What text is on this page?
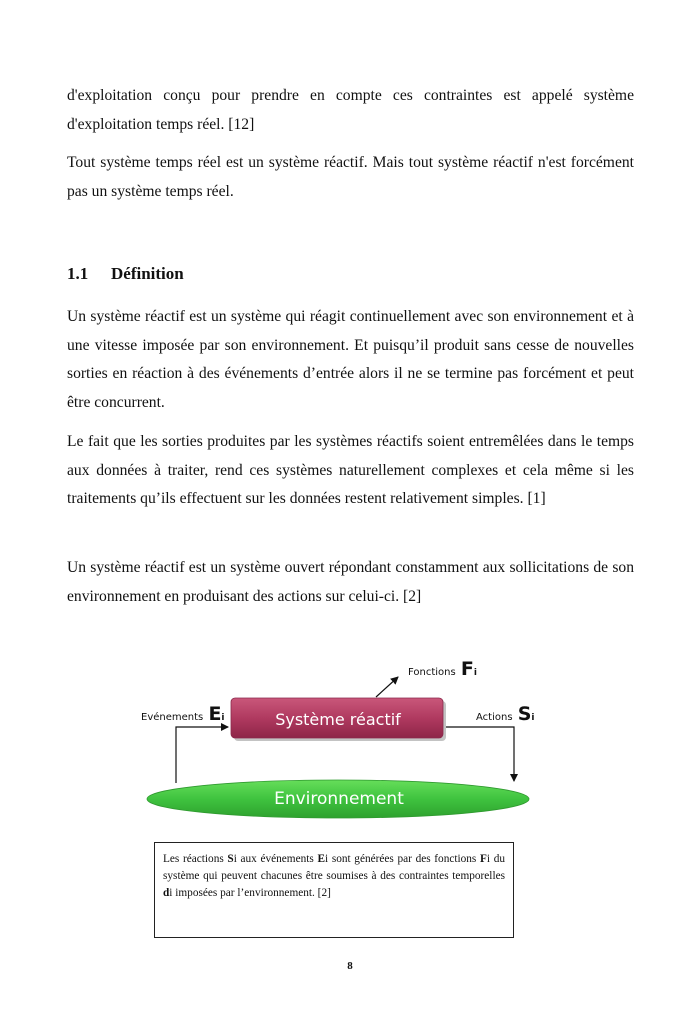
d'exploitation conçu pour prendre en compte ces contraintes est appelé système d'exploitation temps réel. [12]

Tout système temps réel est un système réactif. Mais tout système réactif n'est forcément pas un système temps réel.

1.1 Définition

Un système réactif est un système qui réagit continuellement avec son environnement et à une vitesse imposée par son environnement. Et puisqu’il produit sans cesse de nouvelles sorties en réaction à des événements d’entrée alors il ne se termine pas forcément et peut être concurrent.

Le fait que les sorties produites par les systèmes réactifs soient entremêlées dans le temps aux données à traiter, rend ces systèmes naturellement complexes et cela même si les traitements qu’ils effectuent sur les données restent relativement simples. [1]

Un système réactif est un système ouvert répondant constamment aux sollicitations de son environnement en produisant des actions sur celui-ci. [2]

Système réactif
Environnement
Evénements Ei	Actions Si
Fonctions Fi
Les réactions Si aux événements Ei sont générées par des fonctions Fi du système qui peuvent chacunes être soumises à des contraintes temporelles di imposées par l’environnement. [2]
8
